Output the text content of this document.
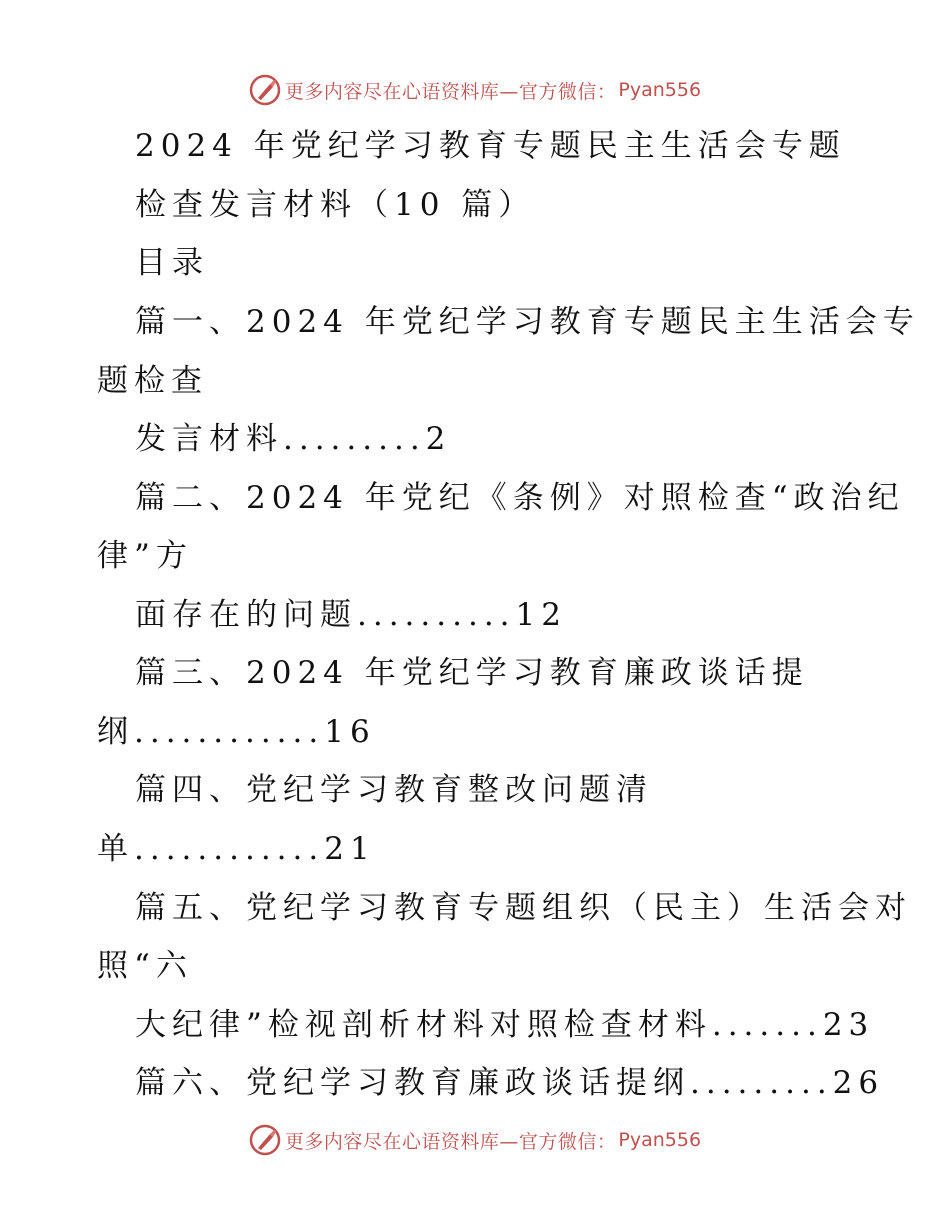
更多内容尽在心语资料库—官方微信： Pyan556
2024 年党纪学习教育专题民主生活会专题
检查发言材料（10 篇）
目录
篇一、2024 年党纪学习教育专题民主生活会专
题检查
发言材料.........2
篇二、2024 年党纪《条例》对照检查“政治纪
律”方
面存在的问题..........12
篇三、2024 年党纪学习教育廉政谈话提
纲............16
篇四、党纪学习教育整改问题清
单............21
篇五、党纪学习教育专题组织（民主）生活会对
照“六
大纪律”检视剖析材料对照检查材料.......23
篇六、党纪学习教育廉政谈话提纲.........26
更多内容尽在心语资料库—官方微信： Pyan556
